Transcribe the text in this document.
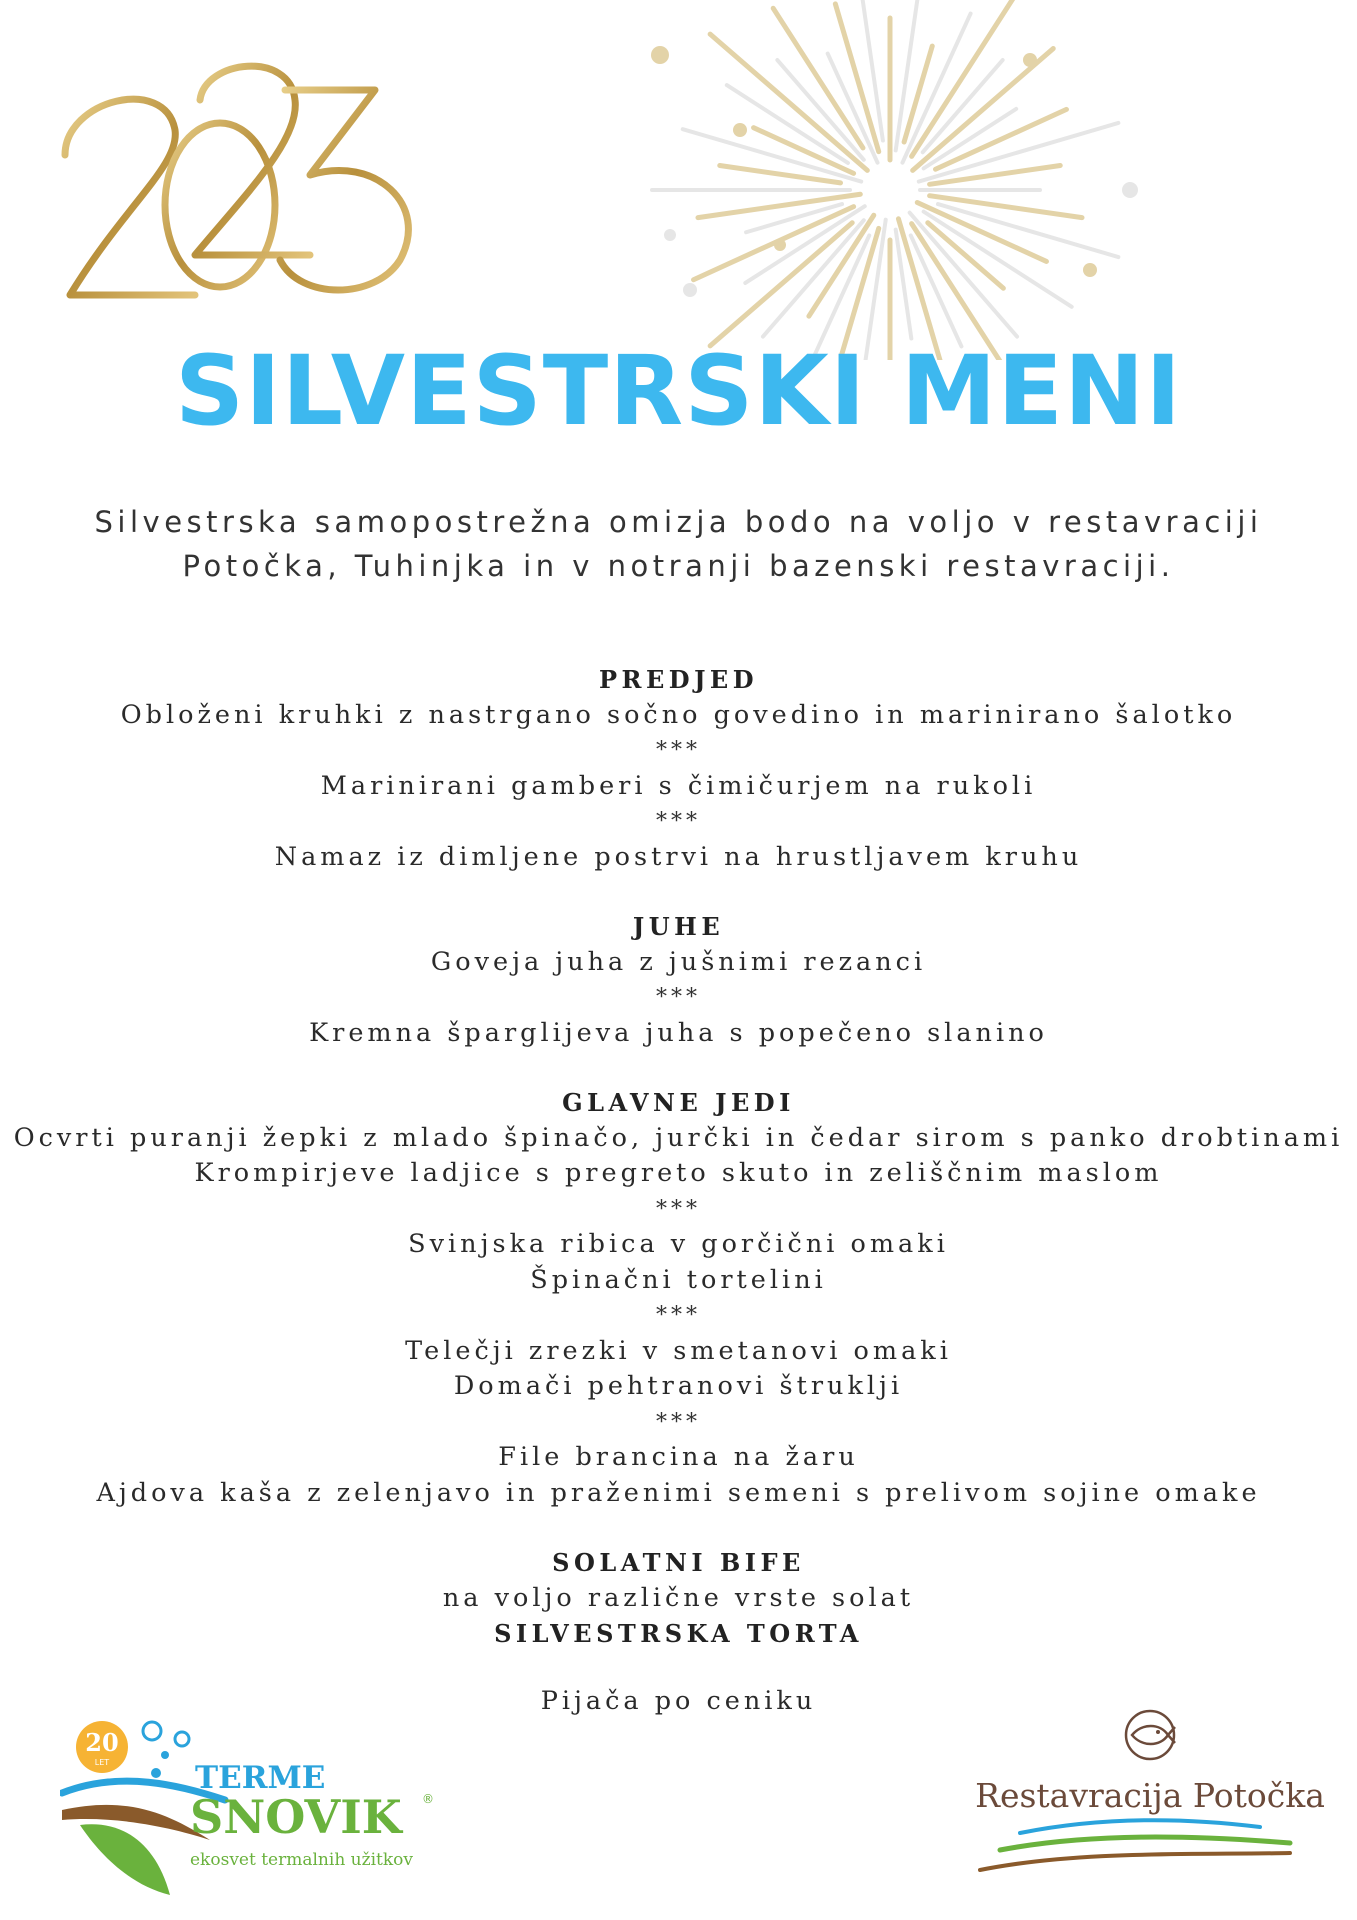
SILVESTRSKI MENI
Silvestrska samopostrežna omizja bodo na voljo v restavraciji
Potočka, Tuhinjka in v notranji bazenski restavraciji.
PREDJED
Obloženi kruhki z nastrgano sočno govedino in marinirano šalotko
***
Marinirani gamberi s čimičurjem na rukoli
***
Namaz iz dimljene postrvi na hrustljavem kruhu
JUHE
Goveja juha z jušnimi rezanci
***
Kremna šparglijeva juha s popečeno slanino
GLAVNE JEDI
Ocvrti puranji žepki z mlado špinačo, jurčki in čedar sirom s panko drobtinami
Krompirjeve ladjice s pregreto skuto in zeliščnim maslom
***
Svinjska ribica v gorčični omaki
Špinačni tortelini
***
Telečji zrezki v smetanovi omaki
Domači pehtranovi štruklji
***
File brancina na žaru
Ajdova kaša z zelenjavo in praženimi semeni s prelivom sojine omake
SOLATNI BIFE
na voljo različne vrste solat
SILVESTRSKA TORTA
Pijača po ceniku
20
LET	TERME
SNOVIK ®
ekosvet termalnih užitkov
Restavracija Potočka
